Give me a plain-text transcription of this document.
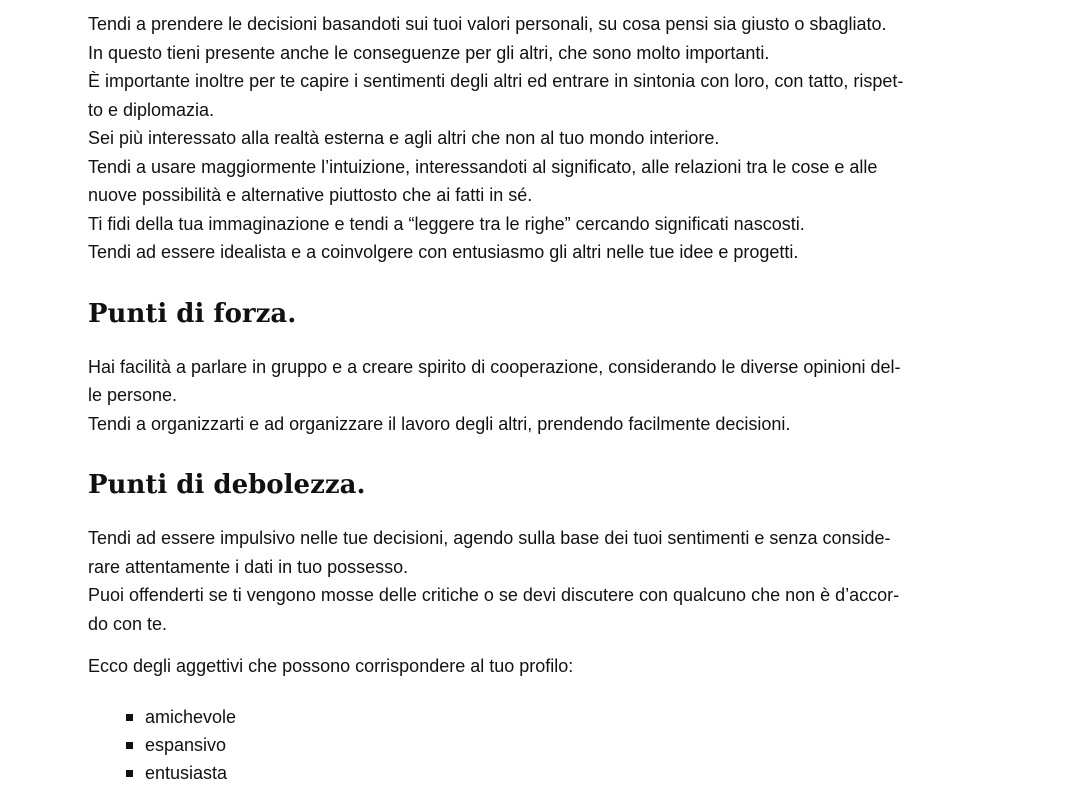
Tendi a prendere le decisioni basandoti sui tuoi valori personali, su cosa pensi sia giusto o sbagliato.
In questo tieni presente anche le conseguenze per gli altri, che sono molto importanti.
È importante inoltre per te capire i sentimenti degli altri ed entrare in sintonia con loro, con tatto, rispet-
to e diplomazia.
Sei più interessato alla realtà esterna e agli altri che non al tuo mondo interiore.
Tendi a usare maggiormente l’intuizione, interessandoti al significato, alle relazioni tra le cose e alle
nuove possibilità e alternative piuttosto che ai fatti in sé.
Ti fidi della tua immaginazione e tendi a “leggere tra le righe” cercando significati nascosti.
Tendi ad essere idealista e a coinvolgere con entusiasmo gli altri nelle tue idee e progetti.

Punti di forza.

Hai facilità a parlare in gruppo e a creare spirito di cooperazione, considerando le diverse opinioni del-
le persone.
Tendi a organizzarti e ad organizzare il lavoro degli altri, prendendo facilmente decisioni.

Punti di debolezza.

Tendi ad essere impulsivo nelle tue decisioni, agendo sulla base dei tuoi sentimenti e senza conside-
rare attentamente i dati in tuo possesso.
Puoi offenderti se ti vengono mosse delle critiche o se devi discutere con qualcuno che non è d’accor-
do con te.

Ecco degli aggettivi che possono corrispondere al tuo profilo:

amichevole
espansivo
entusiasta
